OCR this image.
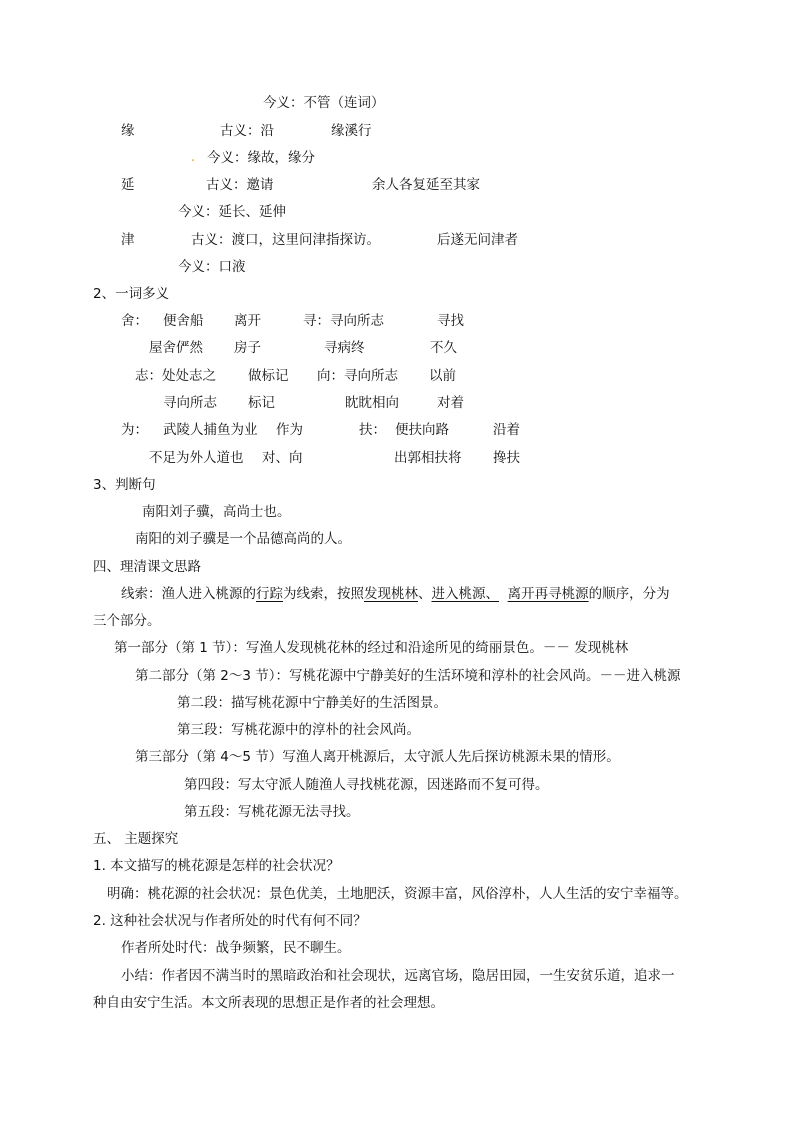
今义：不管（连词）
缘	古义：沿	缘溪行
. 今义：缘故，缘分
延	古义：邀请	余人各复延至其家
今义：延长、延伸
津	古义：渡口，这里问津指探访。	后遂无问津者
今义：口液
2、一词多义
舍： 便舍船 离开	寻：寻向所志	寻找
屋舍俨然 房子	寻病终	不久
志：处处志之 做标记 向：寻向所志 以前
寻向所志 标记	眈眈相向	对着
为： 武陵人捕鱼为业 作为	扶： 便扶向路	沿着
不足为外人道也 对、向	出郭相扶将 搀扶
3、判断句
南阳刘子骥，高尚士也。
南阳的刘子骥是一个品德高尚的人。
四、理清课文思路
线索：渔人进入桃源的行踪为线索，按照发现桃林、进入桃源、 离开再寻桃源的顺序，分为
三个部分。
第一部分（第 1 节）：写渔人发现桃花林的经过和沿途所见的绮丽景色。－－ 发现桃林
第二部分（第 2～3 节）：写桃花源中宁静美好的生活环境和淳朴的社会风尚。－－进入桃源
第二段：描写桃花源中宁静美好的生活图景。
第三段：写桃花源中的淳朴的社会风尚。
第三部分（第 4～5 节）写渔人离开桃源后，太守派人先后探访桃源未果的情形。
第四段：写太守派人随渔人寻找桃花源，因迷路而不复可得。
第五段：写桃花源无法寻找。
五、 主题探究
1. 本文描写的桃花源是怎样的社会状况？
明确：桃花源的社会状况：景色优美，土地肥沃，资源丰富，风俗淳朴，人人生活的安宁幸福等。
2. 这种社会状况与作者所处的时代有何不同？
作者所处时代：战争频繁，民不聊生。
小结：作者因不满当时的黑暗政治和社会现状，远离官场，隐居田园，一生安贫乐道，追求一
种自由安宁生活。本文所表现的思想正是作者的社会理想。
